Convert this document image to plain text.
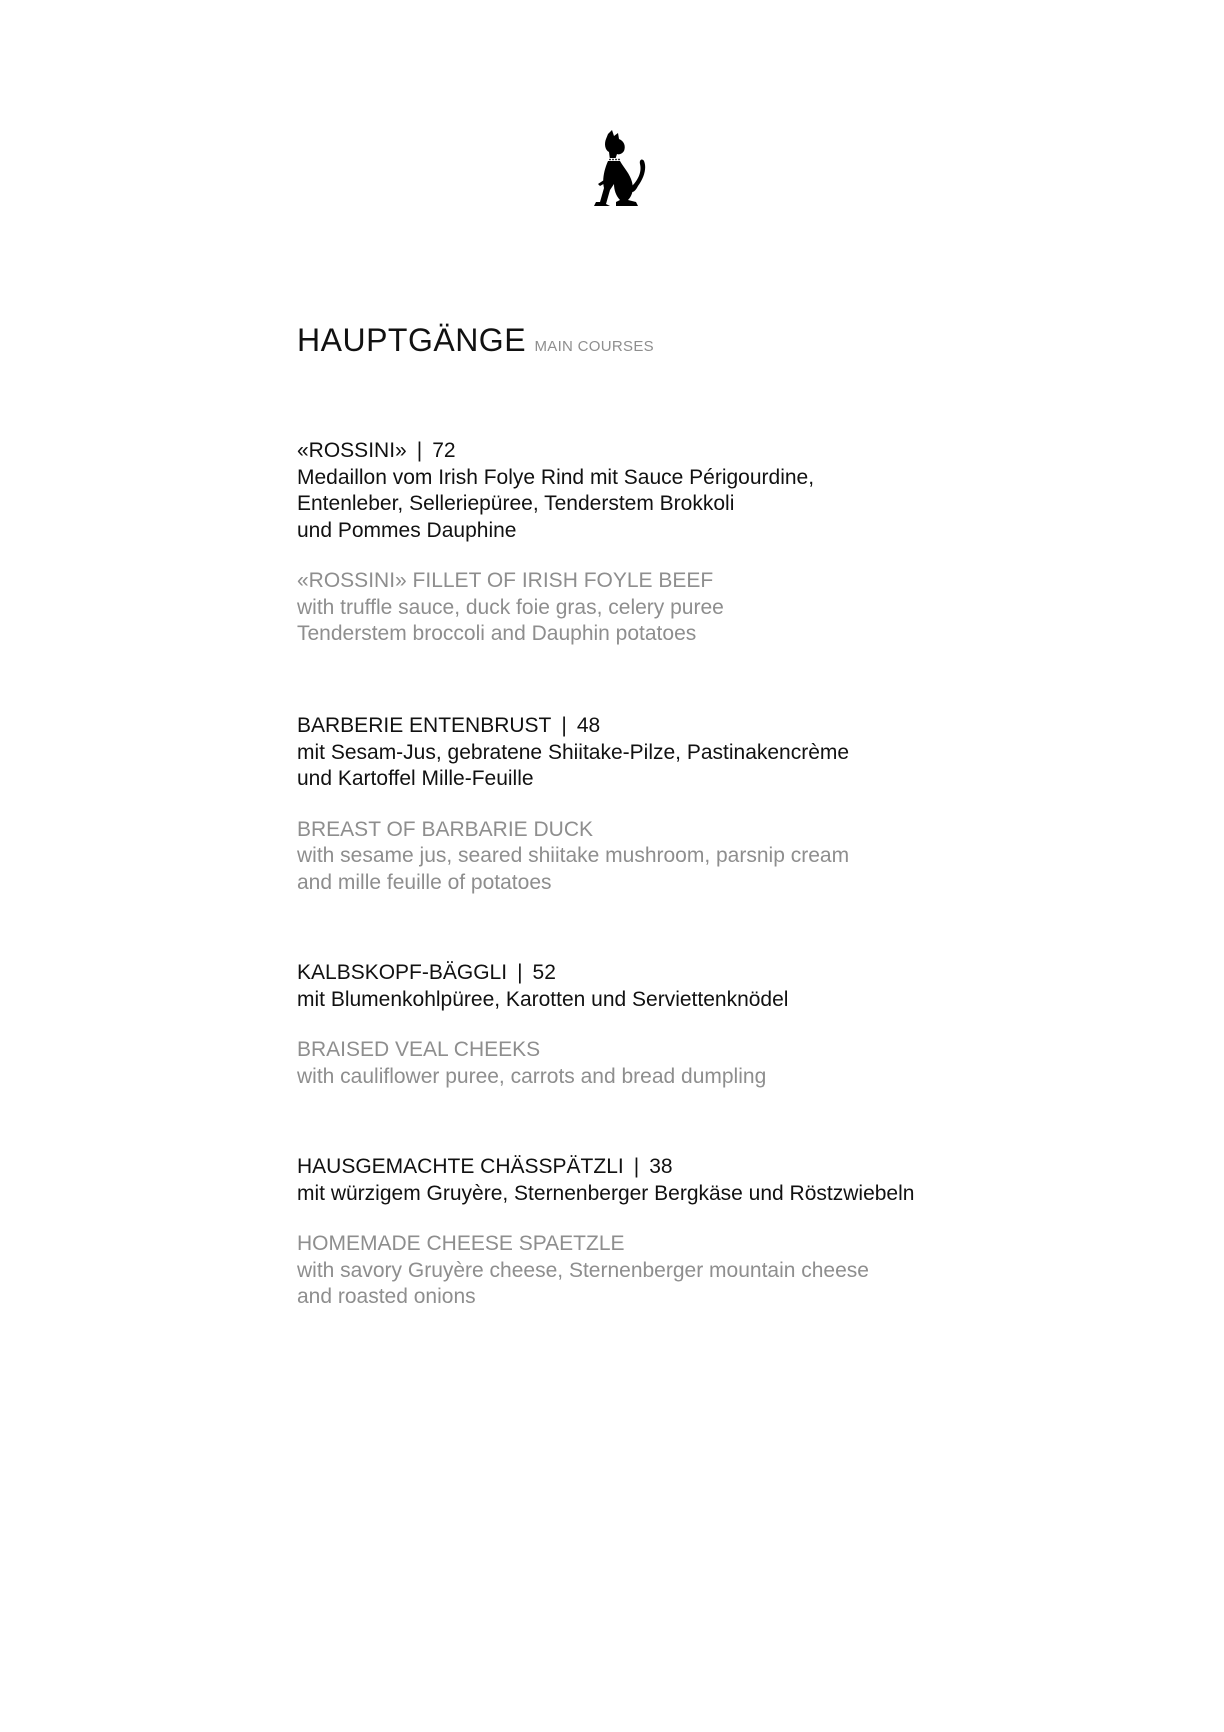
HAUPTGÄNGE MAIN COURSES
«ROSSINI» | 72
Medaillon vom Irish Folye Rind mit Sauce Périgourdine,
Entenleber, Selleriepüree, Tenderstem Brokkoli
und Pommes Dauphine
«ROSSINI» FILLET OF IRISH FOYLE BEEF
with truffle sauce, duck foie gras, celery puree
Tenderstem broccoli and Dauphin potatoes
BARBERIE ENTENBRUST | 48
mit Sesam-Jus, gebratene Shiitake-Pilze, Pastinakencrème
und Kartoffel Mille-Feuille
BREAST OF BARBARIE DUCK
with sesame jus, seared shiitake mushroom, parsnip cream
and mille feuille of potatoes
KALBSKOPF-BÄGGLI | 52
mit Blumenkohlpüree, Karotten und Serviettenknödel
BRAISED VEAL CHEEKS
with cauliflower puree, carrots and bread dumpling
HAUSGEMACHTE CHÄSSPÄTZLI | 38
mit würzigem Gruyère, Sternenberger Bergkäse und Röstzwiebeln
HOMEMADE CHEESE SPAETZLE
with savory Gruyère cheese, Sternenberger mountain cheese
and roasted onions
